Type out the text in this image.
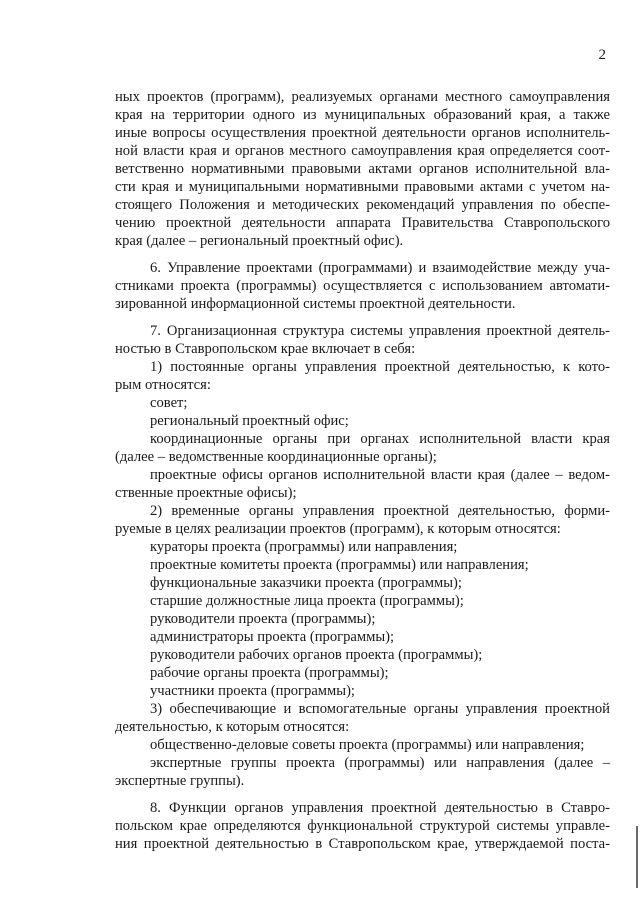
2
ных проектов (программ), реализуемых органами местного самоуправления
края на территории одного из муниципальных образований края, а также
иные вопросы осуществления проектной деятельности органов исполнитель-
ной власти края и органов местного самоуправления края определяется соот-
ветственно нормативными правовыми актами органов исполнительной вла-
сти края и муниципальными нормативными правовыми актами с учетом на-
стоящего Положения и методических рекомендаций управления по обеспе-
чению проектной деятельности аппарата Правительства Ставропольского
края (далее – региональный проектный офис).
6. Управление проектами (программами) и взаимодействие между уча-
стниками проекта (программы) осуществляется с использованием автомати-
зированной информационной системы проектной деятельности.
7. Организационная структура системы управления проектной деятель-
ностью в Ставропольском крае включает в себя:
1) постоянные органы управления проектной деятельностью, к кото-
рым относятся:
совет;
региональный проектный офис;
координационные органы при органах исполнительной власти края
(далее – ведомственные координационные органы);
проектные офисы органов исполнительной власти края (далее – ведом-
ственные проектные офисы);
2) временные органы управления проектной деятельностью, форми-
руемые в целях реализации проектов (программ), к которым относятся:
кураторы проекта (программы) или направления;
проектные комитеты проекта (программы) или направления;
функциональные заказчики проекта (программы);
старшие должностные лица проекта (программы);
руководители проекта (программы);
администраторы проекта (программы);
руководители рабочих органов проекта (программы);
рабочие органы проекта (программы);
участники проекта (программы);
3) обеспечивающие и вспомогательные органы управления проектной
деятельностью, к которым относятся:
общественно-деловые советы проекта (программы) или направления;
экспертные группы проекта (программы) или направления (далее –
экспертные группы).
8. Функции органов управления проектной деятельностью в Ставро-
польском крае определяются функциональной структурой системы управле-
ния проектной деятельностью в Ставропольском крае, утверждаемой поста-
